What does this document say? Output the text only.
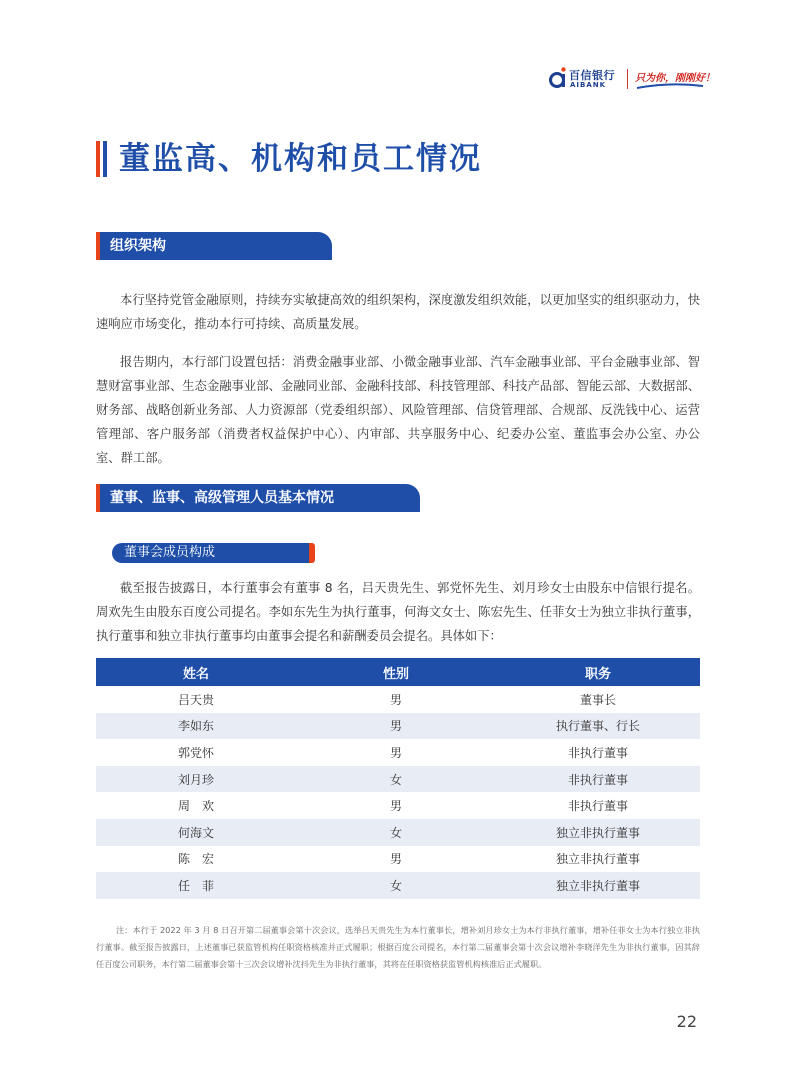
百信银行
AIBANK
只为你，刚刚好！
董监高、机构和员工情况
组织架构

本行坚持党管金融原则，持续夯实敏捷高效的组织架构，深度激发组织效能，以更加坚实的组织驱动力，快速响应市场变化，推动本行可持续、高质量发展。

报告期内，本行部门设置包括：消费金融事业部、小微金融事业部、汽车金融事业部、平台金融事业部、智慧财富事业部、生态金融事业部、金融同业部、金融科技部、科技管理部、科技产品部、智能云部、大数据部、财务部、战略创新业务部、人力资源部（党委组织部）、风险管理部、信贷管理部、合规部、反洗钱中心、运营管理部、客户服务部（消费者权益保护中心）、内审部、共享服务中心、纪委办公室、董监事会办公室、办公室、群工部。

董事、监事、高级管理人员基本情况
董事会成员构成

截至报告披露日，本行董事会有董事 8 名，吕天贵先生、郭党怀先生、刘月珍女士由股东中信银行提名。周欢先生由股东百度公司提名。李如东先生为执行董事，何海文女士、陈宏先生、任菲女士为独立非执行董事，执行董事和独立非执行董事均由董事会提名和薪酬委员会提名。具体如下：

姓名	性别	职务
吕天贵	男	董事长
李如东	男	执行董事、行长
郭党怀	男	非执行董事
刘月珍	女	非执行董事
周　欢	男	非执行董事
何海文	女	独立非执行董事
陈　宏	男	独立非执行董事
任　菲	女	独立非执行董事

注：本行于 2022 年 3 月 8 日召开第二届董事会第十次会议，选举吕天贵先生为本行董事长，增补刘月珍女士为本行非执行董事，增补任菲女士为本行独立非执行董事。截至报告披露日，上述董事已获监管机构任职资格核准并正式履职；根据百度公司提名，本行第二届董事会第十次会议增补李晓洋先生为非执行董事，因其辞任百度公司职务，本行第二届董事会第十三次会议增补沈抖先生为非执行董事，其将在任职资格获监管机构核准后正式履职。

22
